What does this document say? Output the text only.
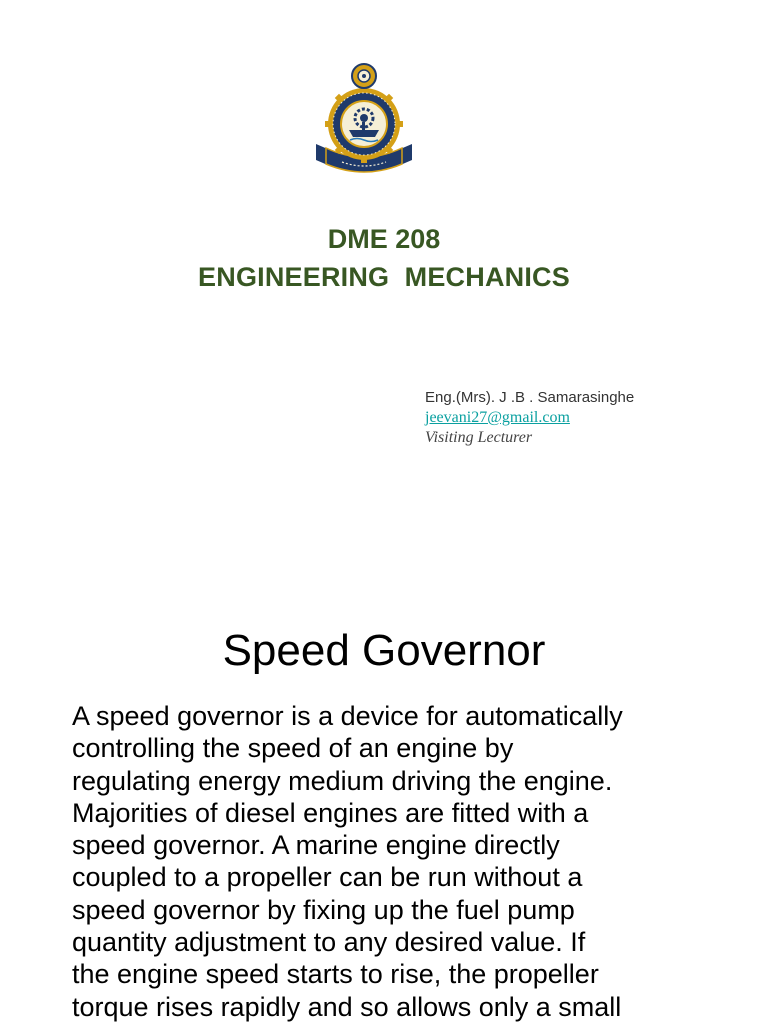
DME 208
ENGINEERING  MECHANICS
Eng.(Mrs). J .B . Samarasinghe
jeevani27@gmail.com
Visiting Lecturer
Speed Governor

A speed governor is a device for automatically
controlling the speed of an engine by
regulating energy medium driving the engine.
Majorities of diesel engines are fitted with a
speed governor. A marine engine directly
coupled to a propeller can be run without a
speed governor by fixing up the fuel pump
quantity adjustment to any desired value. If
the engine speed starts to rise, the propeller
torque rises rapidly and so allows only a small
